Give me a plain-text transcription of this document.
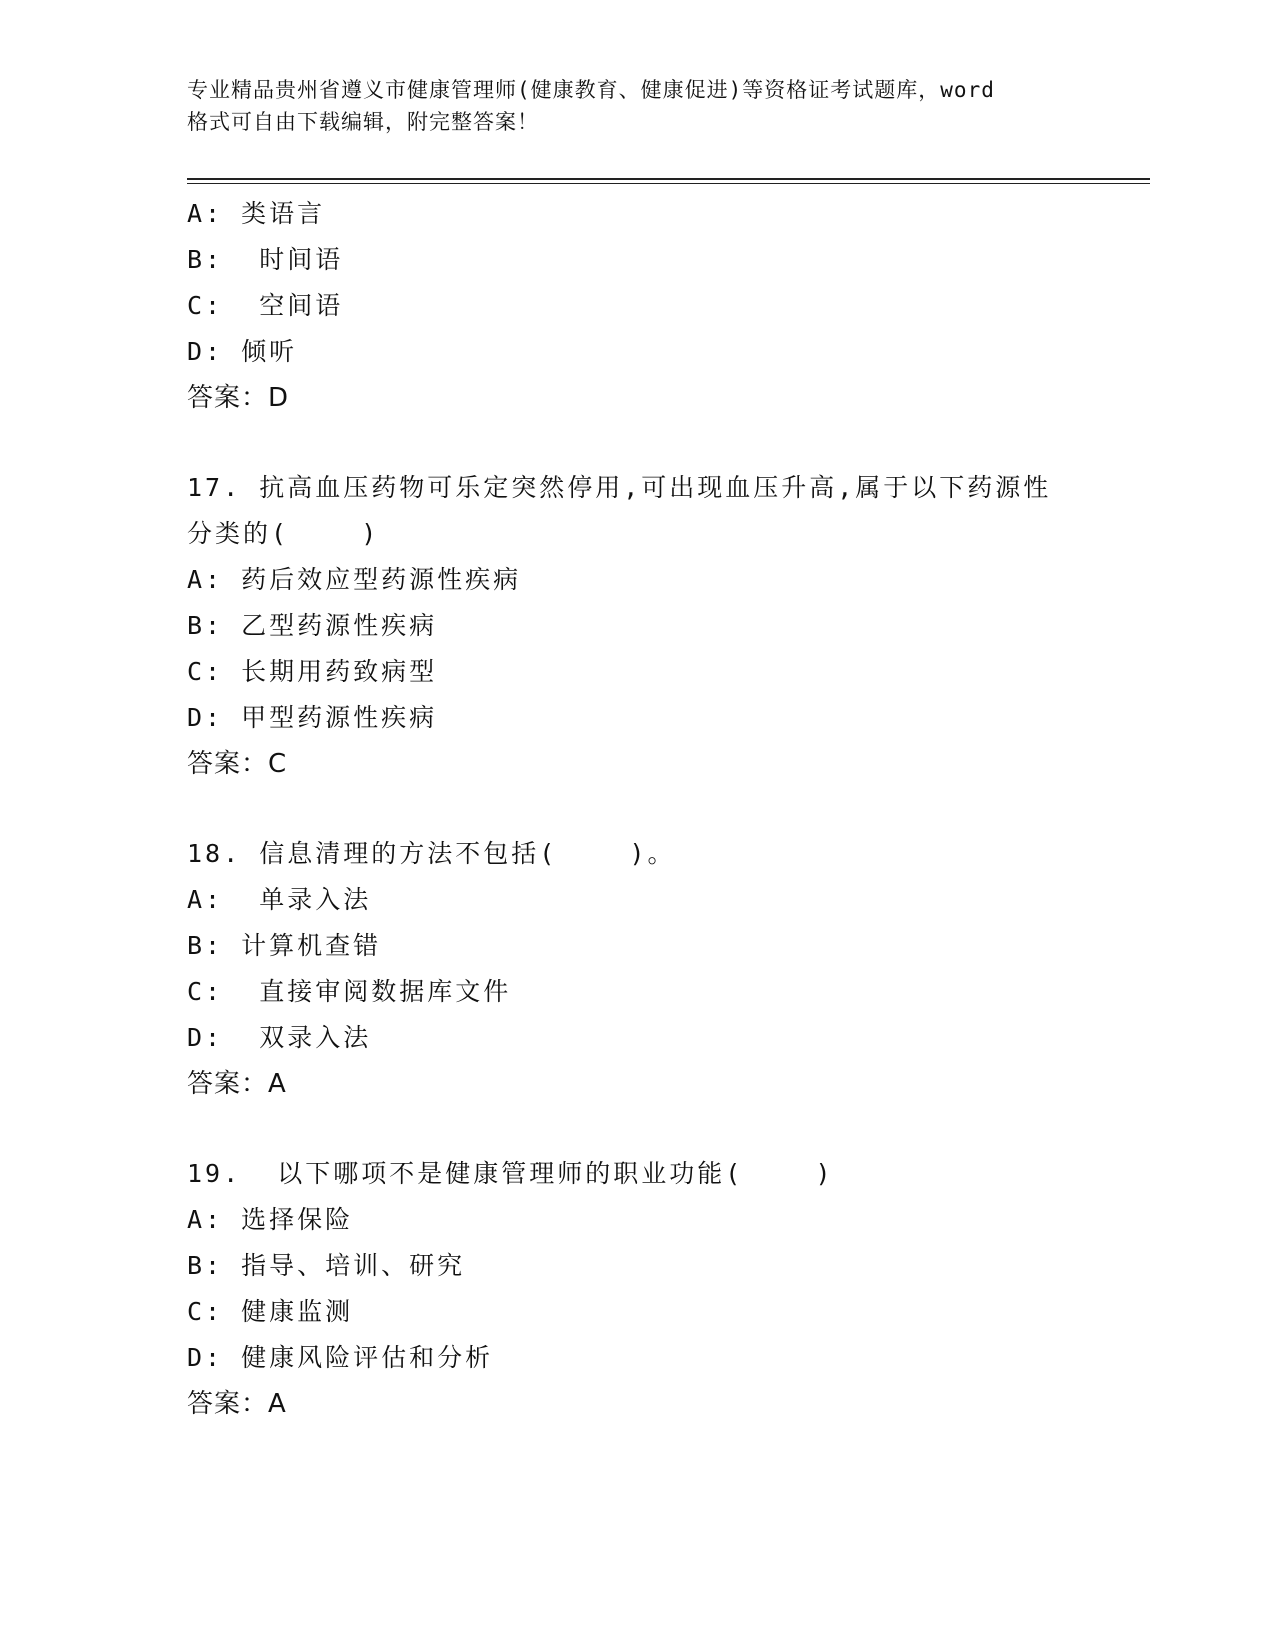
专业精品贵州省遵义市健康管理师(健康教育、健康促进)等资格证考试题库，word
格式可自由下载编辑，附完整答案！
A: 类语言
B:  时间语
C:  空间语
D: 倾听
答案：D
17. 抗高血压药物可乐定突然停用,可出现血压升高,属于以下药源性
分类的(    )
A: 药后效应型药源性疾病
B: 乙型药源性疾病
C: 长期用药致病型
D: 甲型药源性疾病
答案：C
18. 信息清理的方法不包括(    )。
A:  单录入法
B: 计算机查错
C:  直接审阅数据库文件
D:  双录入法
答案：A
19.  以下哪项不是健康管理师的职业功能(    )
A: 选择保险
B: 指导、培训、研究
C: 健康监测
D: 健康风险评估和分析
答案：A
